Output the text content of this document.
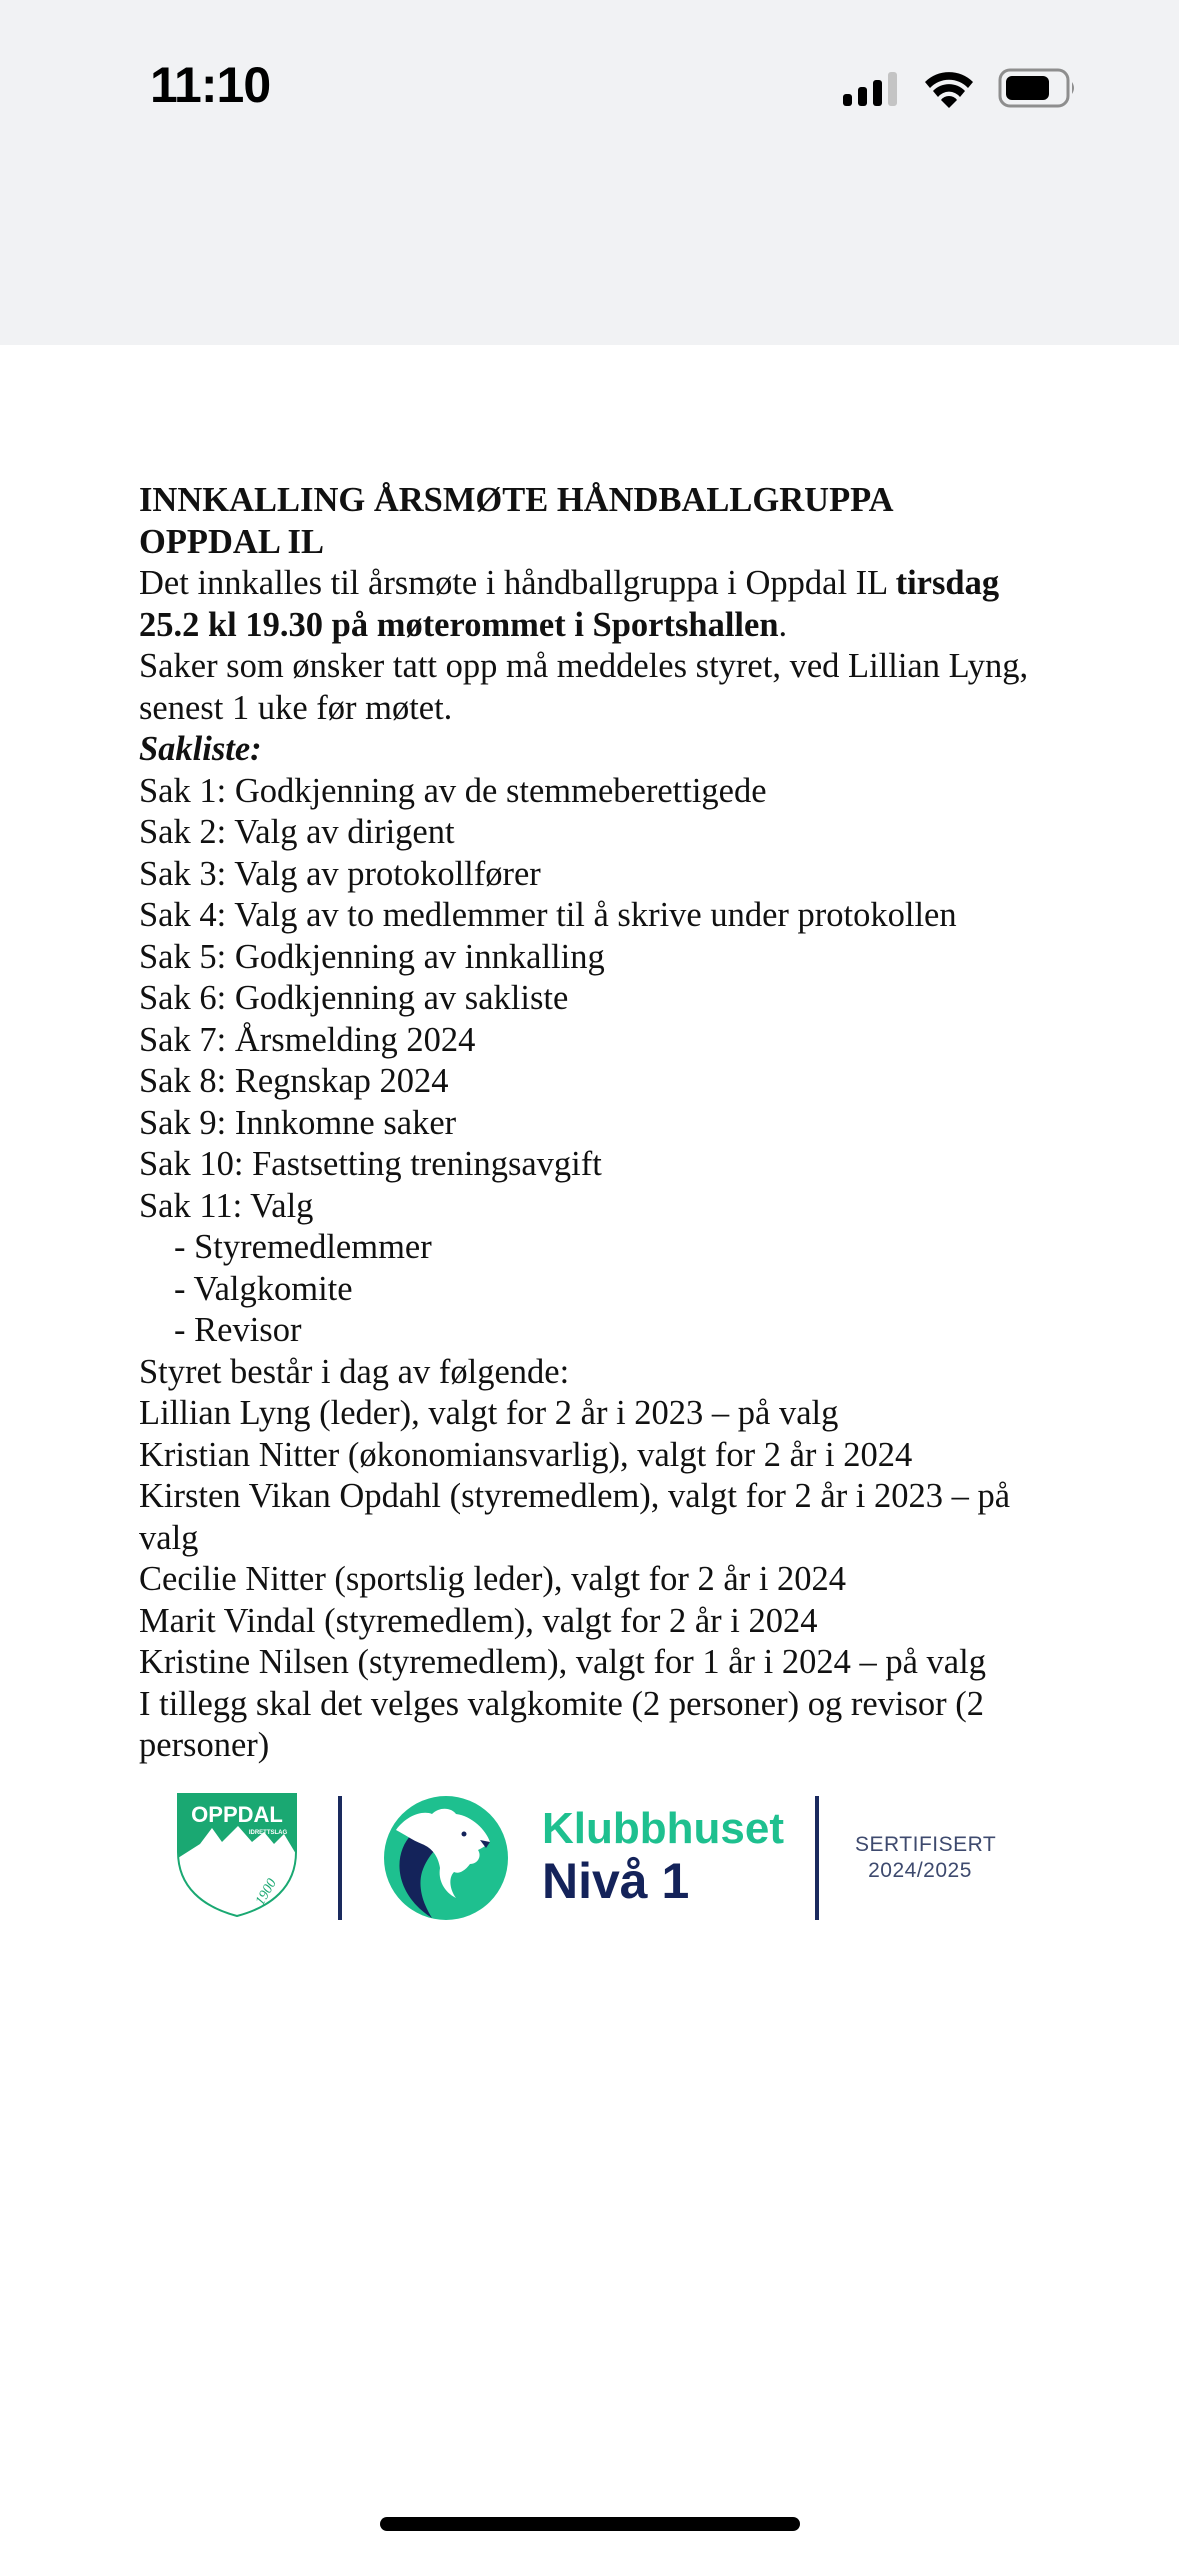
11:10

INNKALLING ÅRSMØTE HÅNDBALLGRUPPA
OPPDAL IL

Det innkalles til årsmøte i håndballgruppa i Oppdal IL tirsdag 25.2 kl 19.30 på møterommet i Sportshallen.

Saker som ønsker tatt opp må meddeles styret, ved Lillian Lyng, senest 1 uke før møtet.

Sakliste:

Sak 1: Godkjenning av de stemmeberettigede

Sak 2: Valg av dirigent

Sak 3: Valg av protokollfører

Sak 4: Valg av to medlemmer til å skrive under protokollen

Sak 5: Godkjenning av innkalling

Sak 6: Godkjenning av sakliste

Sak 7: Årsmelding 2024

Sak 8: Regnskap 2024

Sak 9: Innkomne saker

Sak 10: Fastsetting treningsavgift

Sak 11: Valg

- Styremedlemmer

- Valgkomite

- Revisor

Styret består i dag av følgende:

Lillian Lyng (leder), valgt for 2 år i 2023 – på valg

Kristian Nitter (økonomiansvarlig), valgt for 2 år i 2024

Kirsten Vikan Opdahl (styremedlem), valgt for 2 år i 2023 – på valg

Cecilie Nitter (sportslig leder), valgt for 2 år i 2024

Marit Vindal (styremedlem), valgt for 2 år i 2024

Kristine Nilsen (styremedlem), valgt for 1 år i 2024 – på valg

I tillegg skal det velges valgkomite (2 personer) og revisor (2 personer)

OPPDAL
IDRETTSLAG
1900
Klubbhuset
Nivå 1
SERTIFISERT
2024/2025
